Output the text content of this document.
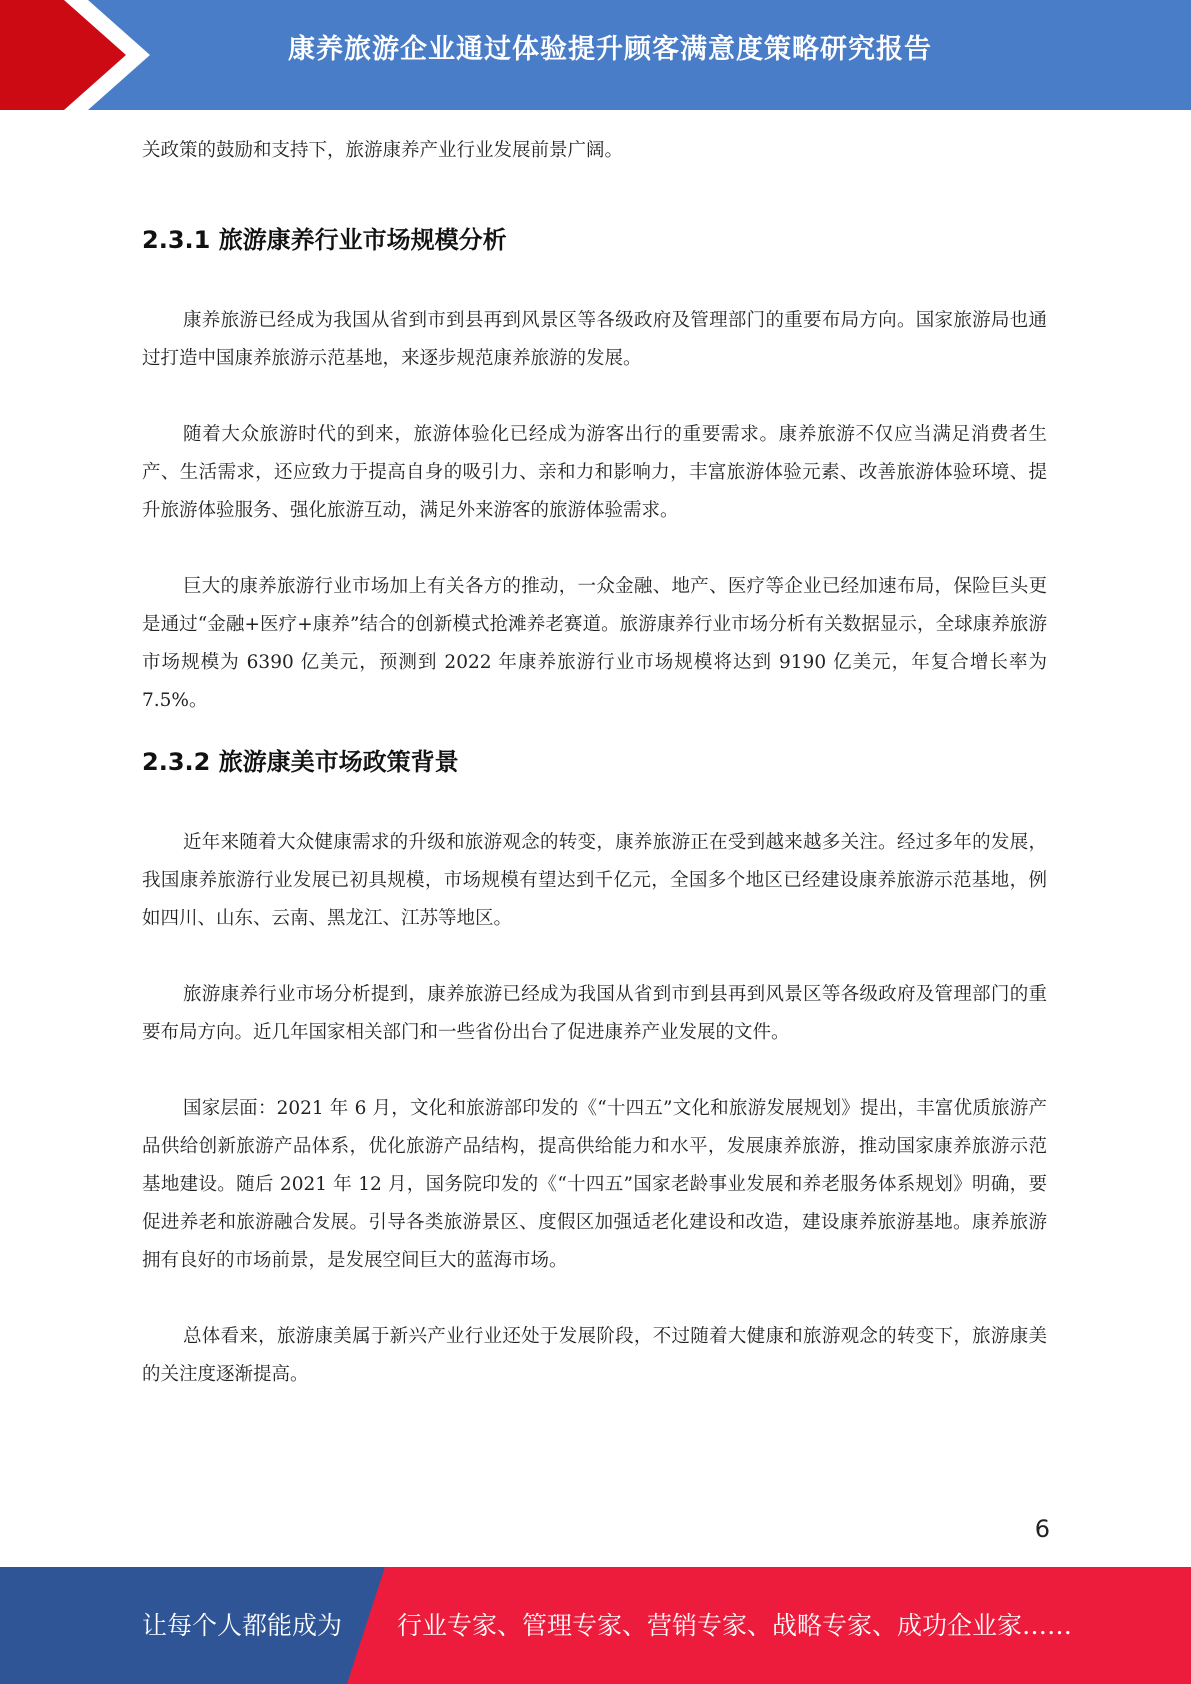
康养旅游企业通过体验提升顾客满意度策略研究报告

关政策的鼓励和支持下，旅游康养产业行业发展前景广阔。

2.3.1 旅游康养行业市场规模分析

康养旅游已经成为我国从省到市到县再到风景区等各级政府及管理部门的重要布局方向。国家旅游局也通过打造中国康养旅游示范基地，来逐步规范康养旅游的发展。

随着大众旅游时代的到来，旅游体验化已经成为游客出行的重要需求。康养旅游不仅应当满足消费者生产、生活需求，还应致力于提高自身的吸引力、亲和力和影响力，丰富旅游体验元素、改善旅游体验环境、提升旅游体验服务、强化旅游互动，满足外来游客的旅游体验需求。

巨大的康养旅游行业市场加上有关各方的推动，一众金融、地产、医疗等企业已经加速布局，保险巨头更是通过“金融+医疗+康养”结合的创新模式抢滩养老赛道。旅游康养行业市场分析有关数据显示，全球康养旅游市场规模为 6390 亿美元，预测到 2022 年康养旅游行业市场规模将达到 9190 亿美元，年复合增长率为 7.5%。

2.3.2 旅游康美市场政策背景

近年来随着大众健康需求的升级和旅游观念的转变，康养旅游正在受到越来越多关注。经过多年的发展，我国康养旅游行业发展已初具规模，市场规模有望达到千亿元，全国多个地区已经建设康养旅游示范基地，例如四川、山东、云南、黑龙江、江苏等地区。

旅游康养行业市场分析提到，康养旅游已经成为我国从省到市到县再到风景区等各级政府及管理部门的重要布局方向。近几年国家相关部门和一些省份出台了促进康养产业发展的文件。

国家层面：2021 年 6 月，文化和旅游部印发的《“十四五”文化和旅游发展规划》提出，丰富优质旅游产品供给创新旅游产品体系，优化旅游产品结构，提高供给能力和水平，发展康养旅游，推动国家康养旅游示范基地建设。随后 2021 年 12 月，国务院印发的《“十四五”国家老龄事业发展和养老服务体系规划》明确，要促进养老和旅游融合发展。引导各类旅游景区、度假区加强适老化建设和改造，建设康养旅游基地。康养旅游拥有良好的市场前景，是发展空间巨大的蓝海市场。

总体看来，旅游康美属于新兴产业行业还处于发展阶段，不过随着大健康和旅游观念的转变下，旅游康美的关注度逐渐提高。

6
让每个人都能成为 行业专家、管理专家、营销专家、战略专家、成功企业家……
